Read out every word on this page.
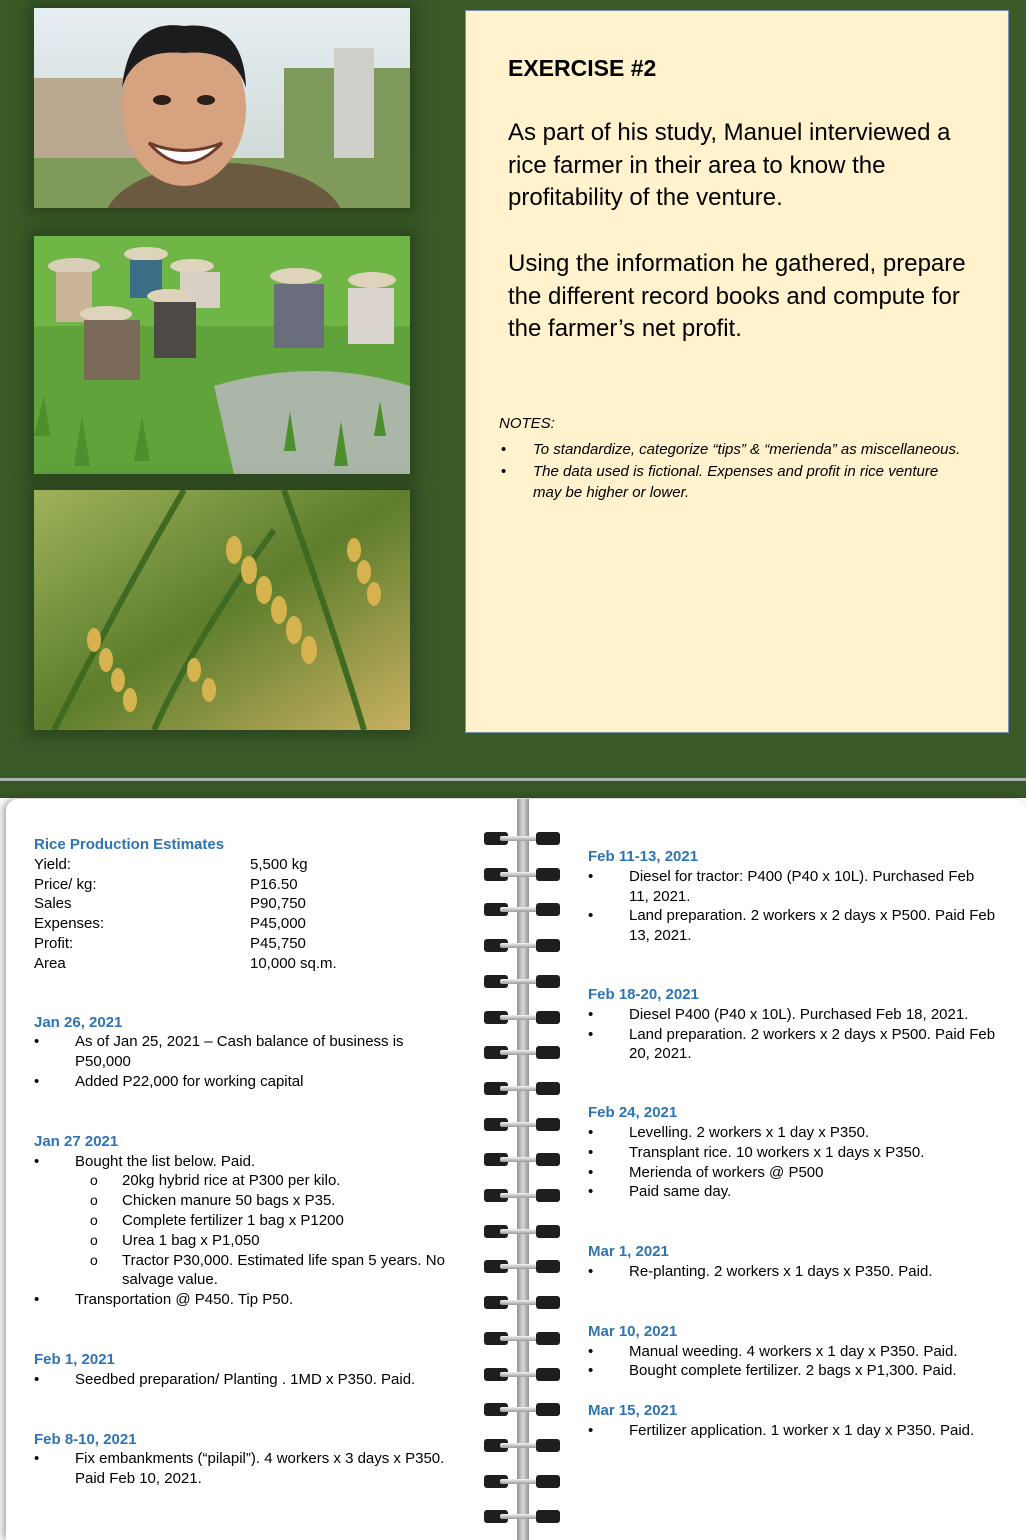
EXERCISE #2

As part of his study, Manuel interviewed a rice farmer in their area to know the profitability of the venture.

Using the information he gathered, prepare the different record books and compute for the farmer’s net profit.

NOTES:

• To standardize, categorize “tips” & “merienda” as miscellaneous.
• The data used is fictional. Expenses and profit in rice venture may be higher or lower.

Rice Production Estimates

Yield:	5,500 kg
Price/ kg:	P16.50
Sales	P90,750
Expenses:	P45,000
Profit:	P45,750
Area	10,000 sq.m.

Jan 26, 2021

• As of Jan 25, 2021 – Cash balance of business is P50,000
• Added P22,000 for working capital

Jan 27 2021

• Bought the list below. Paid.
o 20kg hybrid rice at P300 per kilo.
o Chicken manure 50 bags x P35.
o Complete fertilizer 1 bag x P1200
o Urea 1 bag x P1,050
o Tractor P30,000. Estimated life span 5 years. No salvage value.
• Transportation @ P450. Tip P50.

Feb 1, 2021

• Seedbed preparation/ Planting . 1MD x P350. Paid.

Feb 8-10, 2021

• Fix embankments (“pilapil”). 4 workers x 3 days x P350. Paid Feb 10, 2021.

Feb 11-13, 2021

• Diesel for tractor: P400 (P40 x 10L). Purchased Feb 11, 2021.
• Land preparation. 2 workers x 2 days x P500. Paid Feb 13, 2021.

Feb 18-20, 2021

• Diesel P400 (P40 x 10L). Purchased Feb 18, 2021.
• Land preparation. 2 workers x 2 days x P500. Paid Feb 20, 2021.

Feb 24, 2021

• Levelling. 2 workers x 1 day x P350.
• Transplant rice. 10 workers x 1 days x P350.
• Merienda of workers @ P500
• Paid same day.

Mar 1, 2021

• Re-planting. 2 workers x 1 days x P350. Paid.

Mar 10, 2021

• Manual weeding. 4 workers x 1 day x P350. Paid.
• Bought complete fertilizer. 2 bags x P1,300. Paid.

Mar 15, 2021

• Fertilizer application. 1 worker x 1 day x P350. Paid.
